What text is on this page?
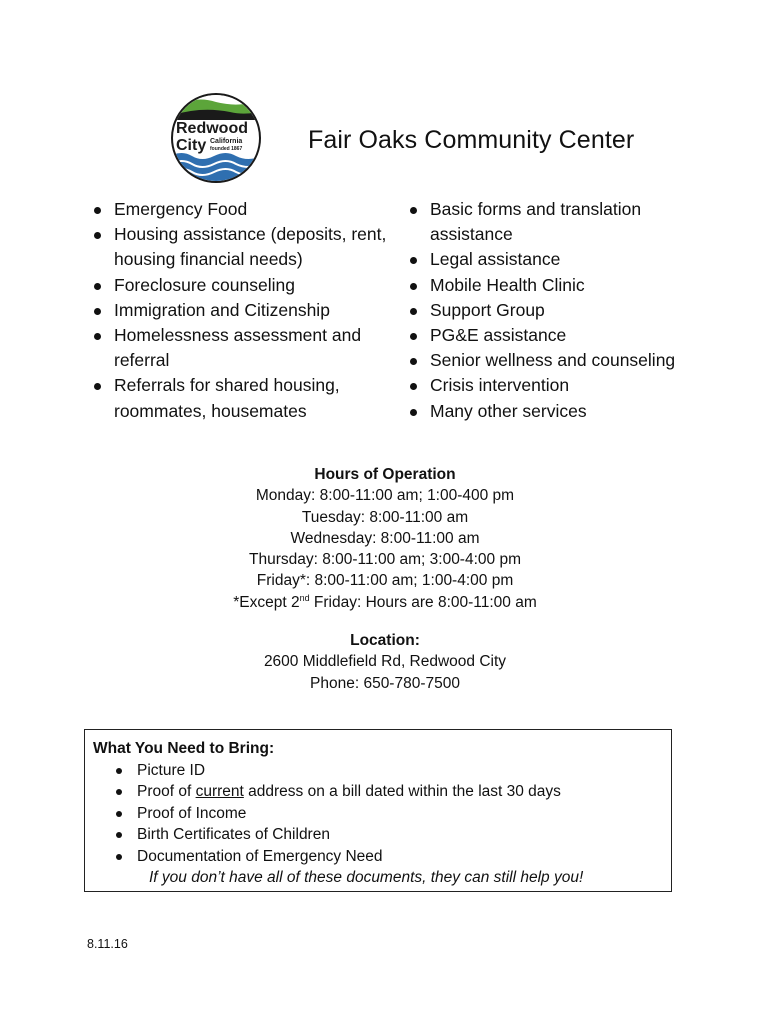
Redwood
City California
founded 1867	Fair Oaks Community Center
Emergency Food
Housing assistance (deposits, rent, housing financial needs)
Foreclosure counseling
Immigration and Citizenship
Homelessness assessment and referral
Referrals for shared housing, roommates, housemates
Basic forms and translation assistance
Legal assistance
Mobile Health Clinic
Support Group
PG&E assistance
Senior wellness and counseling
Crisis intervention
Many other services
Hours of Operation
Monday: 8:00-11:00 am; 1:00-400 pm
Tuesday: 8:00-11:00 am
Wednesday: 8:00-11:00 am
Thursday: 8:00-11:00 am; 3:00-4:00 pm
Friday*: 8:00-11:00 am; 1:00-4:00 pm
*Except 2nd Friday: Hours are 8:00-11:00 am
Location:
2600 Middlefield Rd, Redwood City
Phone: 650-780-7500
What You Need to Bring:
Picture ID
Proof of current address on a bill dated within the last 30 days
Proof of Income
Birth Certificates of Children
Documentation of Emergency Need
If you don’t have all of these documents, they can still help you!
8.11.16
